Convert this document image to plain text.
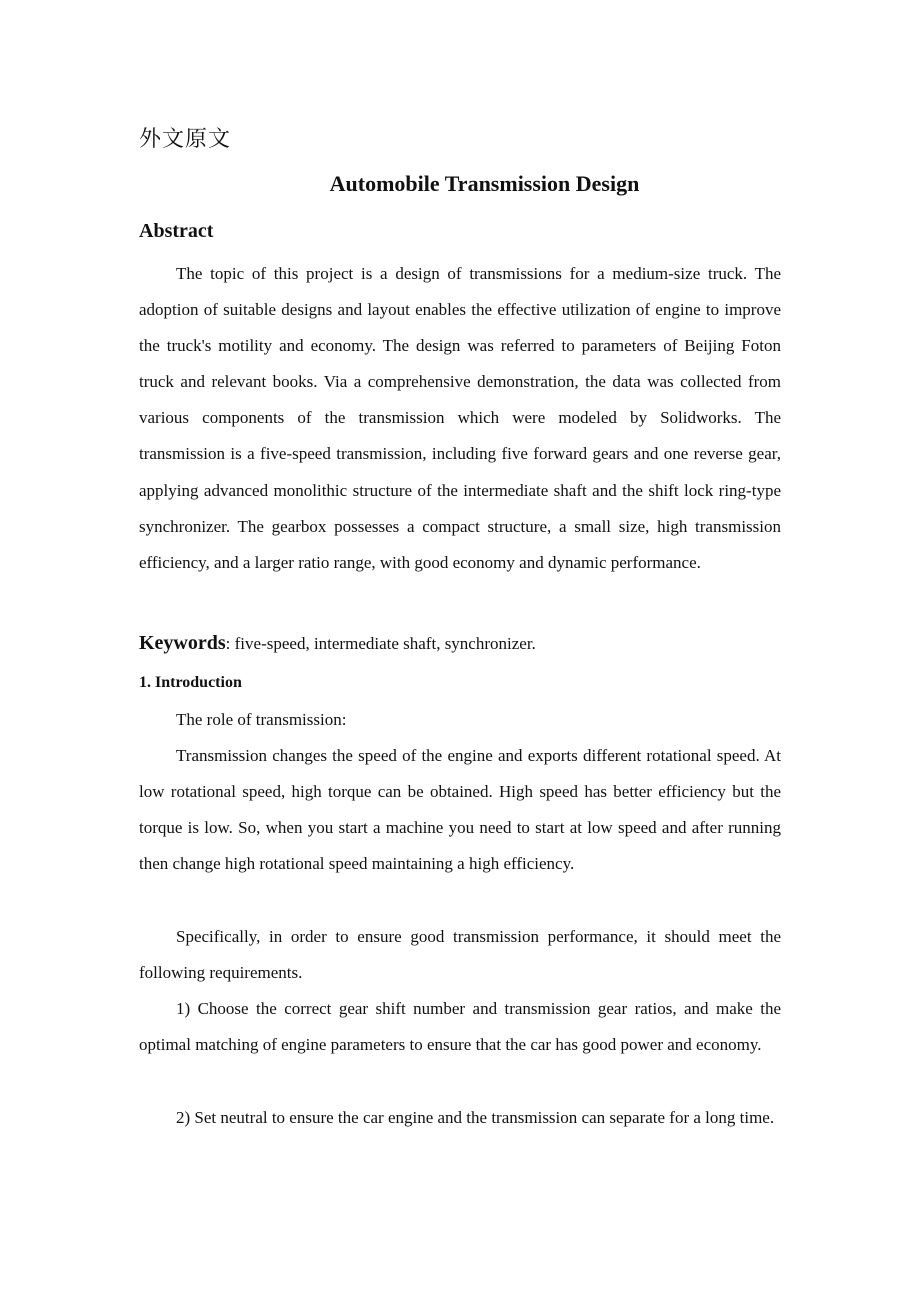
外文原文
Automobile Transmission Design
Abstract

The topic of this project is a design of transmissions for a medium-size truck. The adoption of suitable designs and layout enables the effective utilization of engine to improve the truck's motility and economy. The design was referred to parameters of Beijing Foton truck and relevant books. Via a comprehensive demonstration, the data was collected from various components of the transmission which were modeled by Solidworks. The transmission is a five-speed transmission, including five forward gears and one reverse gear, applying advanced monolithic structure of the intermediate shaft and the shift lock ring-type synchronizer. The gearbox possesses a compact structure, a small size, high transmission efficiency, and a larger ratio range, with good economy and dynamic performance.

Keywords: five-speed, intermediate shaft, synchronizer.
1. Introduction

The role of transmission:

Transmission changes the speed of the engine and exports different rotational speed. At low rotational speed, high torque can be obtained. High speed has better efficiency but the torque is low. So, when you start a machine you need to start at low speed and after running then change high rotational speed maintaining a high efficiency.

Specifically, in order to ensure good transmission performance, it should meet the following requirements.

1) Choose the correct gear shift number and transmission gear ratios, and make the optimal matching of engine parameters to ensure that the car has good power and economy.

2) Set neutral to ensure the car engine and the transmission can separate for a long time.
